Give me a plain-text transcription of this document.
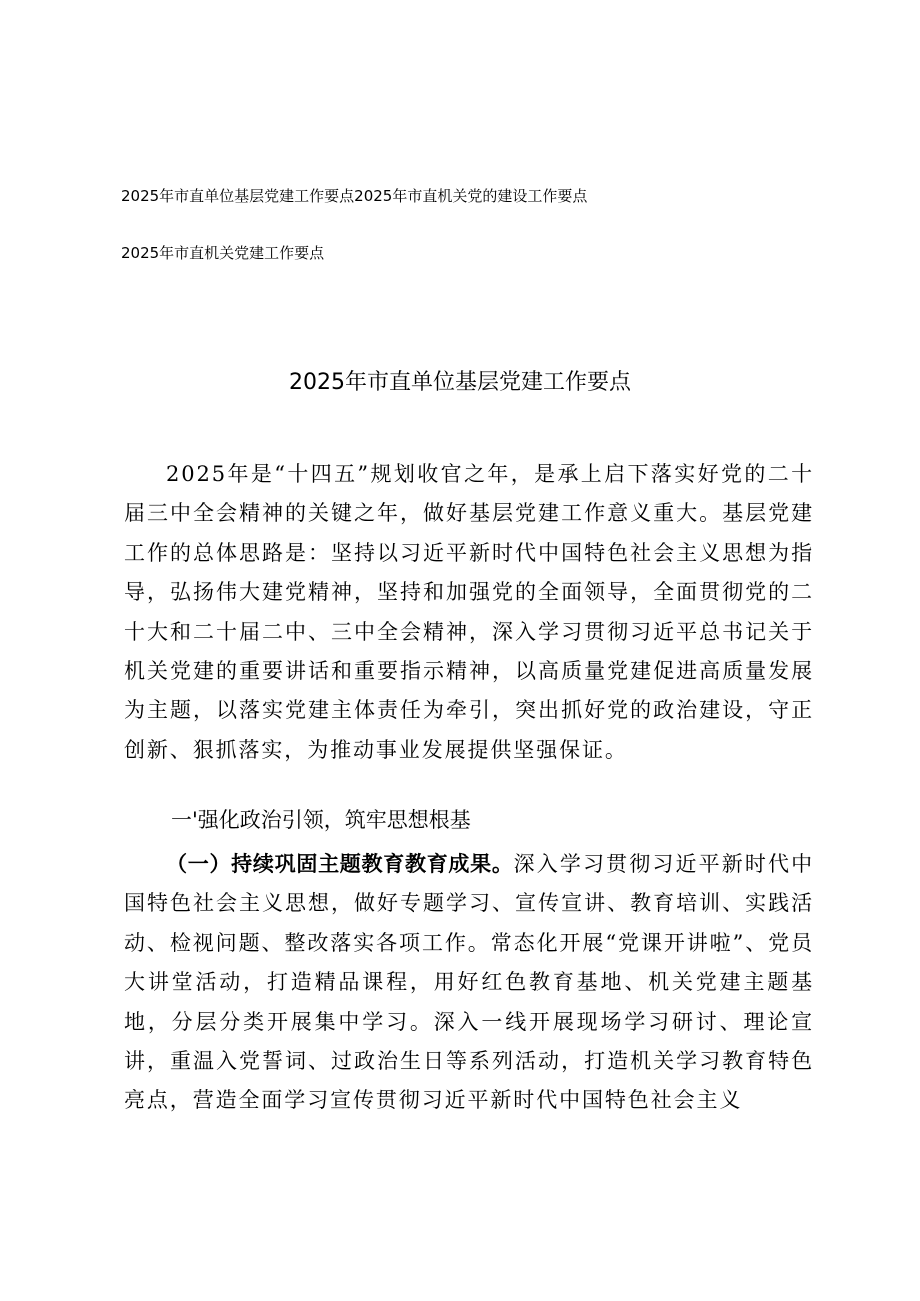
2025年市直单位基层党建工作要点2025年市直机关党的建设工作要点
2025年市直机关党建工作要点
2025年市直单位基层党建工作要点

2025年是“十四五”规划收官之年，是承上启下落实好党的二十届三中全会精神的关键之年，做好基层党建工作意义重大。基层党建工作的总体思路是：坚持以习近平新时代中国特色社会主义思想为指导，弘扬伟大建党精神，坚持和加强党的全面领导，全面贯彻党的二十大和二十届二中、三中全会精神，深入学习贯彻习近平总书记关于机关党建的重要讲话和重要指示精神，以高质量党建促进高质量发展为主题，以落实党建主体责任为牵引，突出抓好党的政治建设，守正创新、狠抓落实，为推动事业发展提供坚强保证。

一'强化政治引领，筑牢思想根基

（一）持续巩固主题教育教育成果。深入学习贯彻习近平新时代中国特色社会主义思想，做好专题学习、宣传宣讲、教育培训、实践活动、检视问题、整改落实各项工作。常态化开展“党课开讲啦”、党员大讲堂活动，打造精品课程，用好红色教育基地、机关党建主题基地，分层分类开展集中学习。深入一线开展现场学习研讨、理论宣讲，重温入党誓词、过政治生日等系列活动，打造机关学习教育特色亮点，营造全面学习宣传贯彻习近平新时代中国特色社会主义
